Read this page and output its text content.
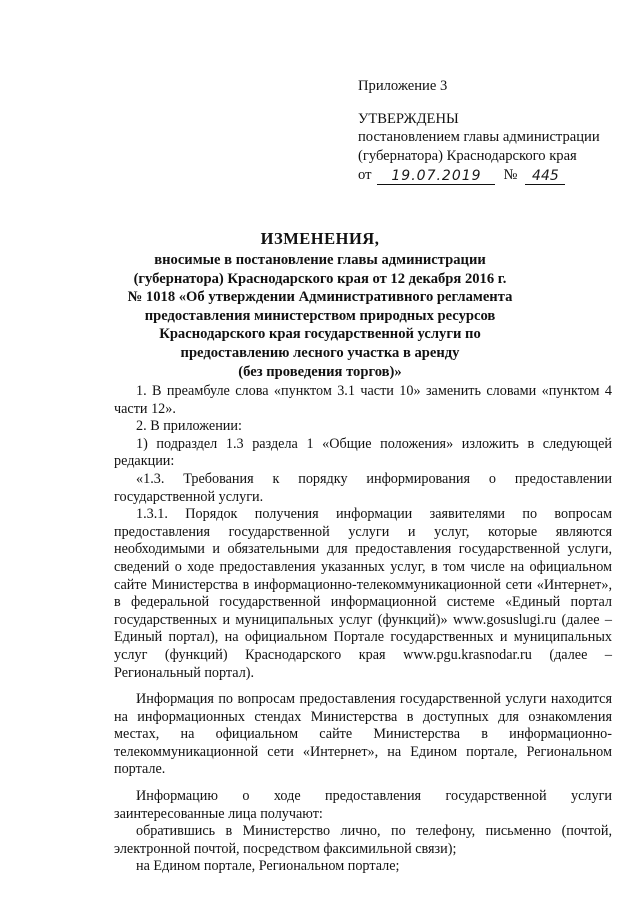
Приложение 3
УТВЕРЖДЕНЫ
постановлением главы администрации
(губернатора) Краснодарского края
от	19.07.2019	№	445
ИЗМЕНЕНИЯ,
вносимые в постановление главы администрации
(губернатора) Краснодарского края от 12 декабря 2016 г.
№ 1018 «Об утверждении Административного регламента
предоставления министерством природных ресурсов
Краснодарского края государственной услуги по
предоставлению лесного участка в аренду
(без проведения торгов)»

1. В преамбуле слова «пунктом 3.1 части 10» заменить словами «пунктом 4 части 12».

2. В приложении:

1) подраздел 1.3 раздела 1 «Общие положения» изложить в следующей редакции:

«1.3. Требования к порядку информирования о предоставлении государственной услуги.

1.3.1. Порядок получения информации заявителями по вопросам предоставления государственной услуги и услуг, которые являются необходимыми и обязательными для предоставления государственной услуги, сведений о ходе предоставления указанных услуг, в том числе на официальном сайте Министерства в информационно-телекоммуникационной сети «Интернет», в федеральной государственной информационной системе «Единый портал государственных и муниципальных услуг (функций)» www.gosuslugi.ru (далее – Единый портал), на официальном Портале государственных и муниципальных услуг (функций) Краснодарского края www.pgu.krasnodar.ru (далее – Региональный портал).

Информация по вопросам предоставления государственной услуги находится на информационных стендах Министерства в доступных для ознакомления местах, на официальном сайте Министерства в информационно-телекоммуникационной сети «Интернет», на Едином портале, Региональном портале.

Информацию о ходе предоставления государственной услуги заинтересованные лица получают:

обратившись в Министерство лично, по телефону, письменно (почтой, электронной почтой, посредством факсимильной связи);

на Едином портале, Региональном портале;
